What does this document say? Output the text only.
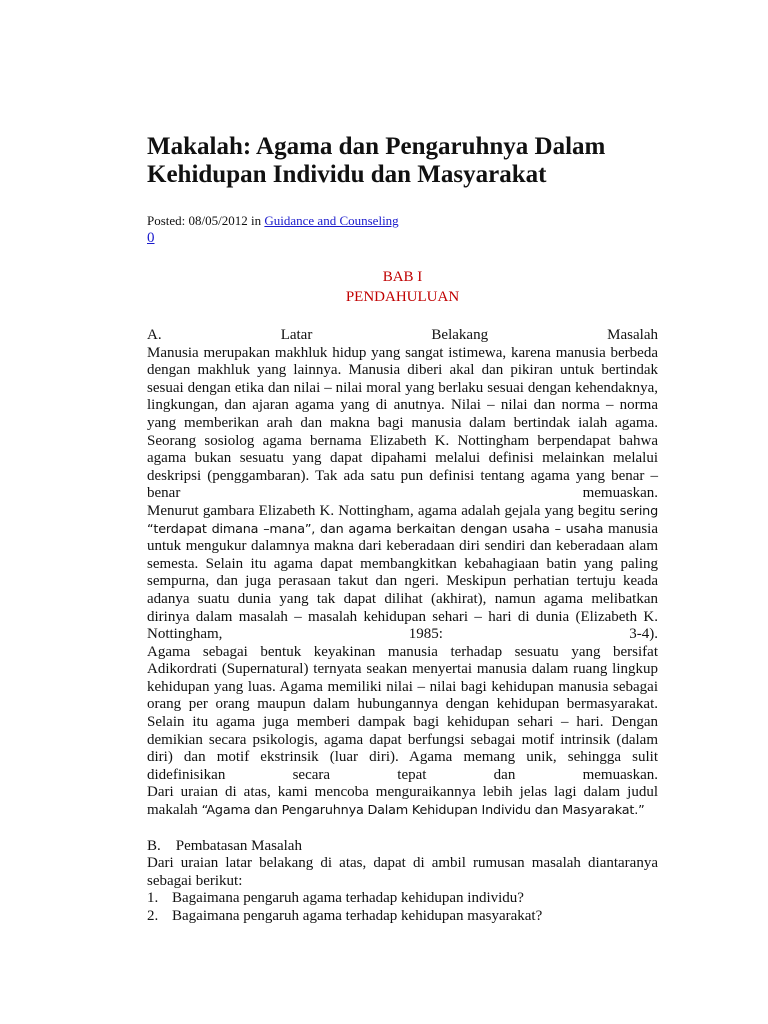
Makalah: Agama dan Pengaruhnya Dalam Kehidupan Individu dan Masyarakat
Posted: 08/05/2012 in Guidance and Counseling
0
BAB I
PENDAHULUAN
A.	Latar	Belakang	Masalah

Manusia merupakan makhluk hidup yang sangat istimewa, karena manusia berbeda dengan makhluk yang lainnya. Manusia diberi akal dan pikiran untuk bertindak sesuai dengan etika dan nilai – nilai moral yang berlaku sesuai dengan kehendaknya, lingkungan, dan ajaran agama yang di anutnya. Nilai – nilai dan norma – norma yang memberikan arah dan makna bagi manusia dalam bertindak ialah agama.

Seorang sosiolog agama bernama Elizabeth K. Nottingham berpendapat bahwa agama bukan sesuatu yang dapat dipahami melalui definisi melainkan melalui deskripsi (penggambaran). Tak ada satu pun definisi tentang agama yang benar – benar memuaskan.

Menurut gambara Elizabeth K. Nottingham, agama adalah gejala yang begitu sering “terdapat dimana –mana”, dan agama berkaitan dengan usaha – usaha manusia untuk mengukur dalamnya makna dari keberadaan diri sendiri dan keberadaan alam semesta. Selain itu agama dapat membangkitkan kebahagiaan batin yang paling sempurna, dan juga perasaan takut dan ngeri. Meskipun perhatian tertuju keada adanya suatu dunia yang tak dapat dilihat (akhirat), namun agama melibatkan dirinya dalam masalah – masalah kehidupan sehari – hari di dunia (Elizabeth K. Nottingham, 1985: 3-4).

Agama sebagai bentuk keyakinan manusia terhadap sesuatu yang bersifat Adikordrati (Supernatural) ternyata seakan menyertai manusia dalam ruang lingkup kehidupan yang luas. Agama memiliki nilai – nilai bagi kehidupan manusia sebagai orang per orang maupun dalam hubungannya dengan kehidupan bermasyarakat. Selain itu agama juga memberi dampak bagi kehidupan sehari – hari. Dengan demikian secara psikologis, agama dapat berfungsi sebagai motif intrinsik (dalam diri) dan motif ekstrinsik (luar diri). Agama memang unik, sehingga sulit didefinisikan secara tepat dan memuaskan.

Dari uraian di atas, kami mencoba menguraikannya lebih jelas lagi dalam judul makalah “Agama dan Pengaruhnya Dalam Kehidupan Individu dan Masyarakat.”

B.    Pembatasan Masalah

Dari uraian latar belakang di atas, dapat di ambil rumusan masalah diantaranya sebagai berikut:

1. Bagaimana pengaruh agama terhadap kehidupan individu?
2. Bagaimana pengaruh agama terhadap kehidupan masyarakat?
